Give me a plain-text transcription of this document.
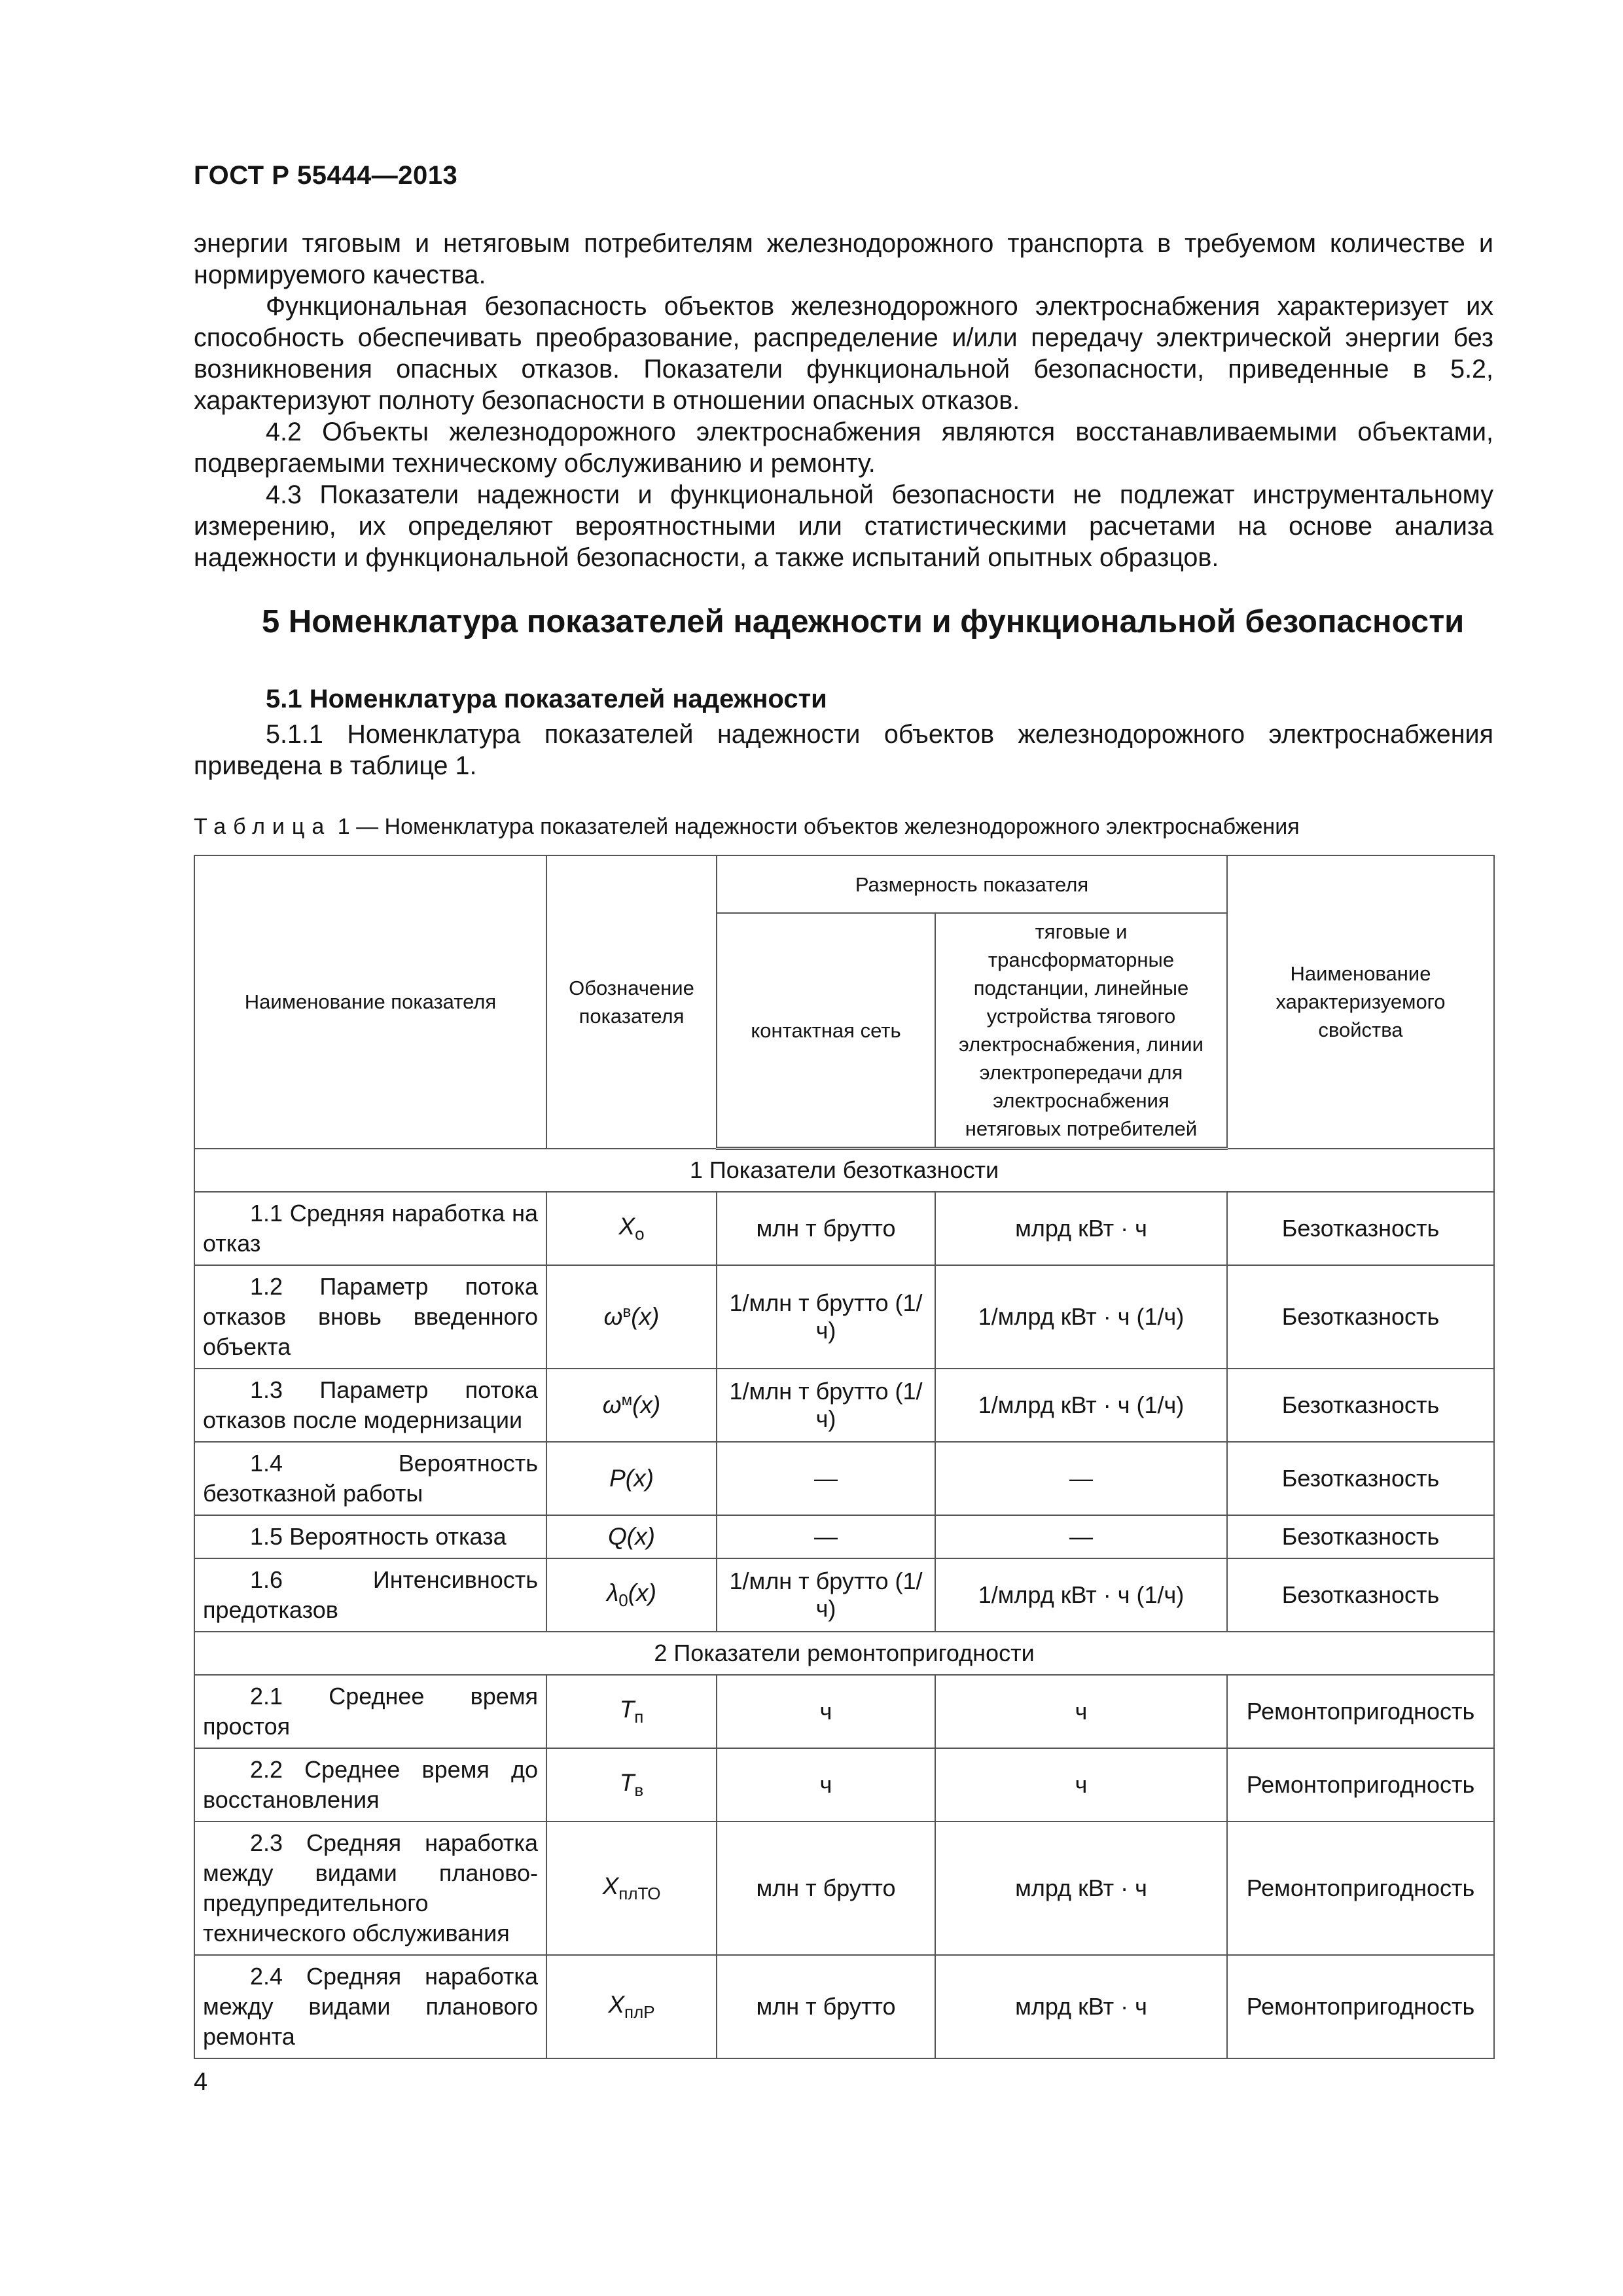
ГОСТ Р 55444—2013

энергии тяговым и нетяговым потребителям железнодорожного транспорта в требуемом количестве и нормируемого качества.

Функциональная безопасность объектов железнодорожного электроснабжения характеризует их способность обеспечивать преобразование, распределение и/или передачу электрической энергии без возникновения опасных отказов. Показатели функциональной безопасности, приведенные в 5.2, характеризуют полноту безопасности в отношении опасных отказов.

4.2 Объекты железнодорожного электроснабжения являются восстанавливаемыми объектами, подвергаемыми техническому обслуживанию и ремонту.

4.3 Показатели надежности и функциональной безопасности не подлежат инструментальному измерению, их определяют вероятностными или статистическими расчетами на основе анализа надежности и функциональной безопасности, а также испытаний опытных образцов.

5 Номенклатура показателей надежности и функциональной безопасности
5.1 Номенклатура показателей надежности

5.1.1 Номенклатура показателей надежности объектов железнодорожного электроснабжения приведена в таблице 1.

Таблица 1 — Номенклатура показателей надежности объектов железнодорожного электроснабжения
Наименование показателя	Обозначение показателя	Размерность показателя		Наименование характеризуемого свойства
		контактная сеть	тяговые и трансформаторные подстанции, линейные устройства тягового электроснабжения, линии электропередачи для электроснабжения нетяговых потребителей	
1 Показатели безотказности				
1.1 Средняя наработка на отказ	$X_о$	млн т брутто	млрд кВт · ч	Безотказность
1.2 Параметр потока отказов вновь введенного объекта	$\omega^в(x)$	1/млн т брутто (1/ч)	1/млрд кВт · ч (1/ч)	Безотказность
1.3 Параметр потока отказов после модернизации	$\omega^м(x)$	1/млн т брутто (1/ч)	1/млрд кВт · ч (1/ч)	Безотказность
1.4 Вероятность безотказной работы	P(x)	—	—	Безотказность
1.5 Вероятность отказа	Q(x)	—	—	Безотказность
1.6 Интенсивность предотказов	$\lambda_0(x)$	1/млн т брутто (1/ч)	1/млрд кВт · ч (1/ч)	Безотказность
2 Показатели ремонтопригодности				
2.1 Среднее время простоя	$T_п$	ч	ч	Ремонтопригодность
2.2 Среднее время до восстановления	$T_в$	ч	ч	Ремонтопригодность
2.3 Средняя наработка между видами планово-предупредительного технического обслуживания	$X_{плТО}$	млн т брутто	млрд кВт · ч	Ремонтопригодность
2.4 Средняя наработка между видами планового ремонта	$X_{плР}$	млн т брутто	млрд кВт · ч	Ремонтопригодность
4
